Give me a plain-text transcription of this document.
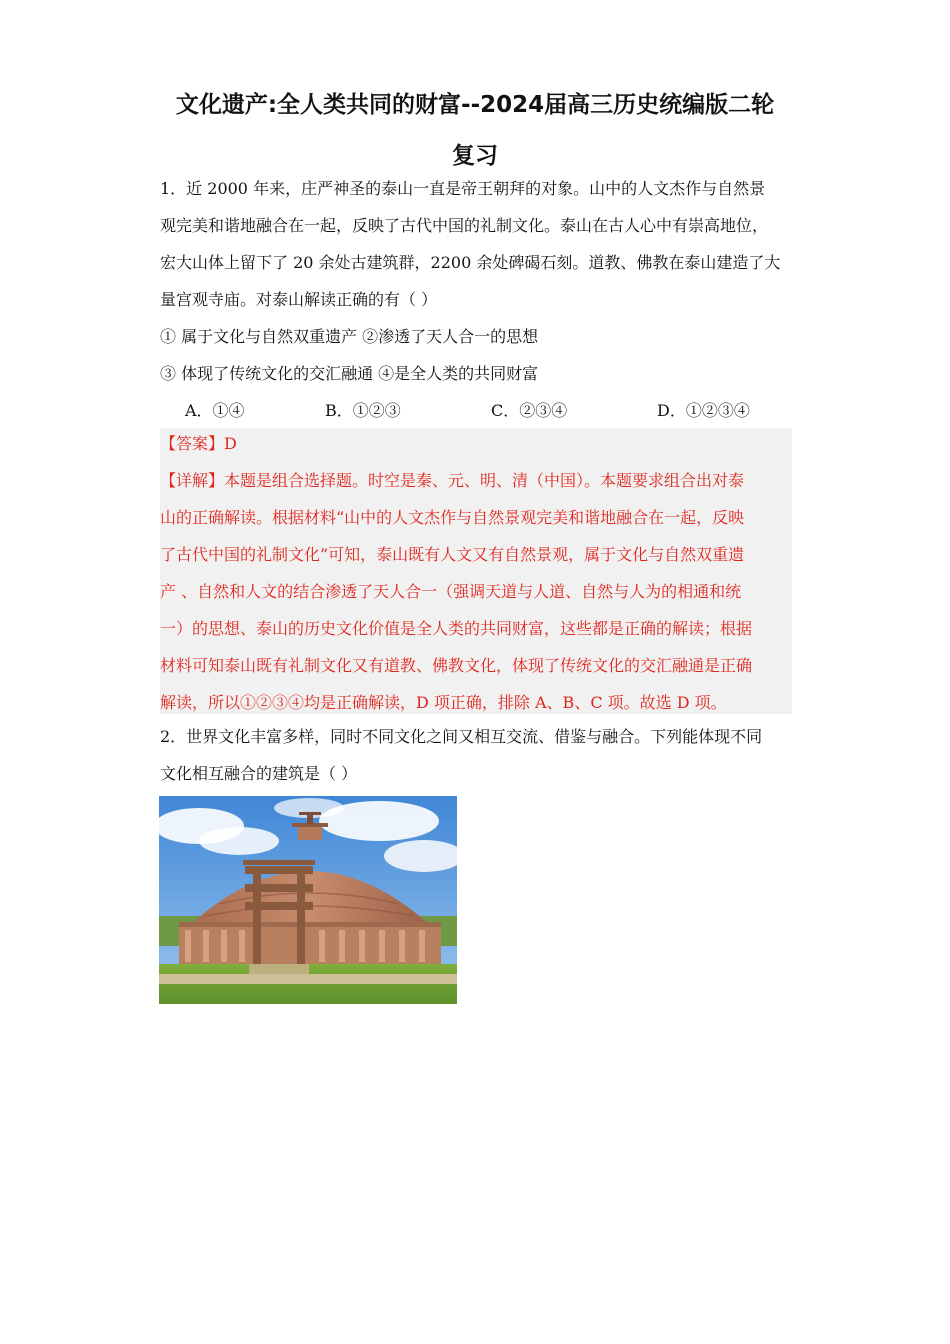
文化遗产:全人类共同的财富--2024届高三历史统编版二轮
复习
1．近 2000 年来，庄严神圣的泰山一直是帝王朝拜的对象。山中的人文杰作与自然景
观完美和谐地融合在一起，反映了古代中国的礼制文化。泰山在古人心中有崇高地位，
宏大山体上留下了 20 余处古建筑群，2200 余处碑碣石刻。道教、佛教在泰山建造了大
量宫观寺庙。对泰山解读正确的有（ ）
① 属于文化与自然双重遗产 ②渗透了天人合一的思想
③ 体现了传统文化的交汇融通 ④是全人类的共同财富
A．①④	B．①②③	C．②③④	D．①②③④
【答案】D
【详解】本题是组合选择题。时空是秦、元、明、清（中国）。本题要求组合出对泰
山的正确解读。根据材料“山中的人文杰作与自然景观完美和谐地融合在一起，反映
了古代中国的礼制文化”可知，泰山既有人文又有自然景观，属于文化与自然双重遗
产 、自然和人文的结合渗透了天人合一（强调天道与人道、自然与人为的相通和统
一）的思想、泰山的历史文化价值是全人类的共同财富，这些都是正确的解读；根据
材料可知泰山既有礼制文化又有道教、佛教文化，体现了传统文化的交汇融通是正确
解读，所以①②③④均是正确解读，D 项正确，排除 A、B、C 项。故选 D 项。
2．世界文化丰富多样，同时不同文化之间又相互交流、借鉴与融合。下列能体现不同
文化相互融合的建筑是（ ）
